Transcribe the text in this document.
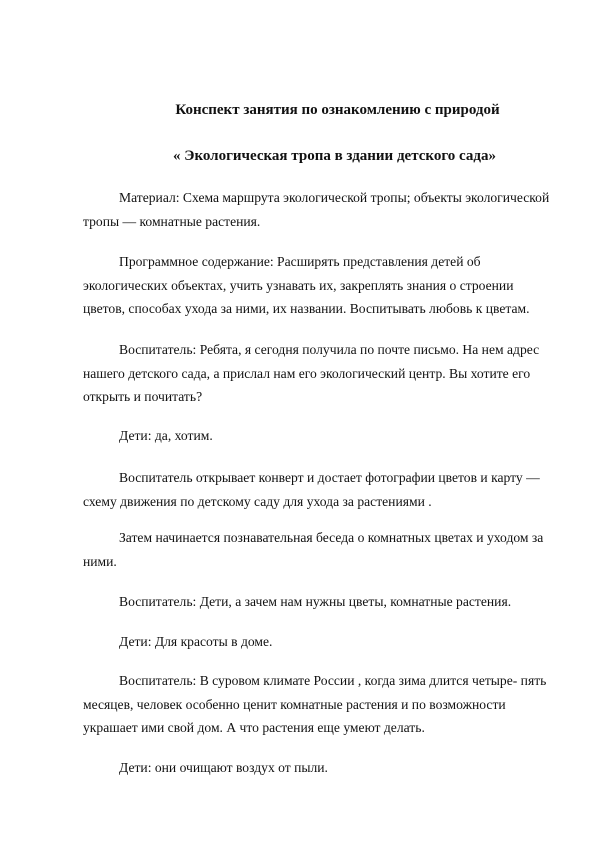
Конспект занятия по ознакомлению с природой
« Экологическая тропа в здании детского сада»

Материал: Схема маршрута экологической тропы; объекты экологической тропы — комнатные растения.

Программное содержание: Расширять представления детей об экологических объектах, учить узнавать их, закреплять знания о строении цветов, способах ухода за ними, их названии. Воспитывать любовь к цветам.

Воспитатель: Ребята, я сегодня получила по почте письмо. На нем адрес нашего детского сада, а прислал нам его экологический центр. Вы хотите его открыть и почитать?

Дети: да, хотим.

Воспитатель открывает конверт и достает фотографии цветов и карту — схему движения по детскому саду для ухода за растениями .

Затем начинается познавательная беседа о комнатных цветах и уходом за ними.

Воспитатель: Дети, а зачем нам нужны цветы, комнатные растения.

Дети: Для красоты в доме.

Воспитатель: В суровом климате России , когда зима длится четыре- пять месяцев, человек особенно ценит комнатные растения и по возможности украшает ими свой дом. А что растения еще умеют делать.

Дети: они очищают воздух от пыли.
